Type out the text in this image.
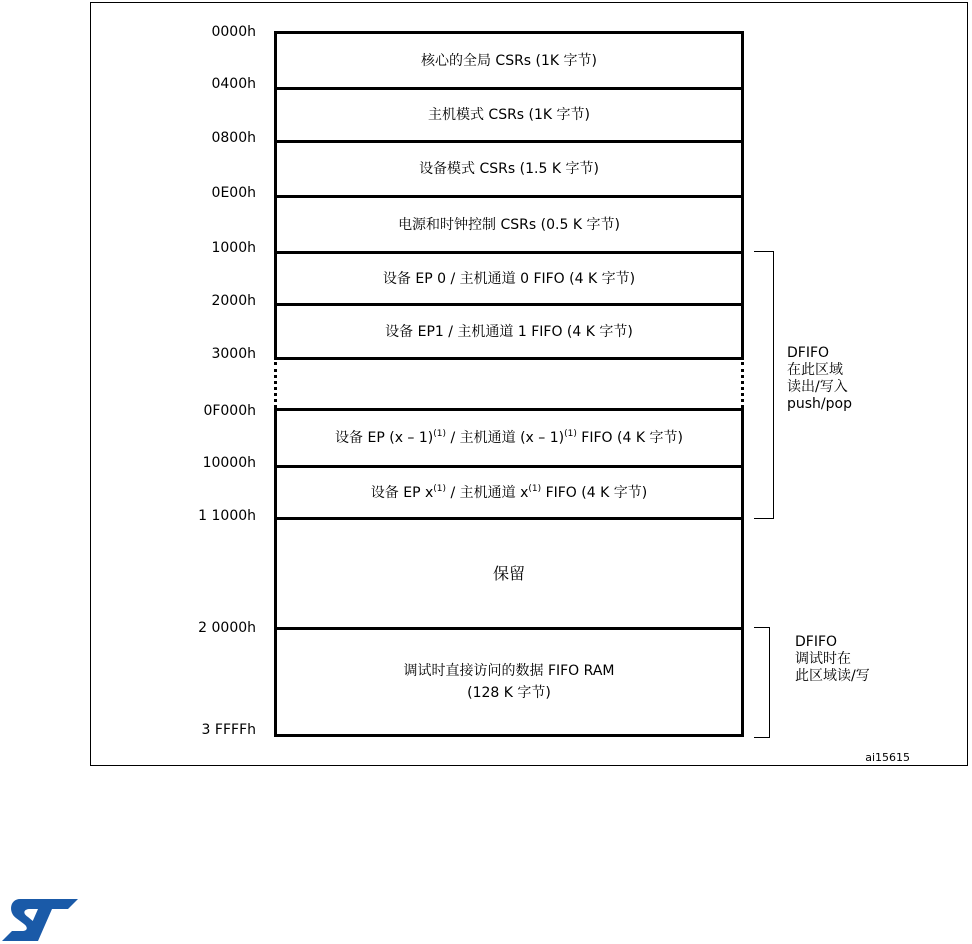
0000h
0400h
0800h
0E00h
1000h
2000h
3000h
0F000h
10000h
1 1000h
2 0000h
3 FFFFh
核心的全局 CSRs (1K 字节)
主机模式 CSRs (1K 字节)
设备模式 CSRs (1.5 K 字节)
电源和时钟控制 CSRs (0.5 K 字节)
设备 EP 0 / 主机通道 0 FIFO (4 K 字节)
设备 EP1 / 主机通道 1 FIFO (4 K 字节)
设备 EP (x – 1)$^{(1)}$ / 主机通道 (x – 1)$^{(1)}$ FIFO (4 K 字节)
设备 EP $x^{(1)}$ / 主机通道 $x^{(1)}$ FIFO (4 K 字节)
保留
调试时直接访问的数据 FIFO RAM
(128 K 字节)
DFIFO
在此区域
读出/写入
push/pop
DFIFO
调试时在
此区域读/写
ai15615
